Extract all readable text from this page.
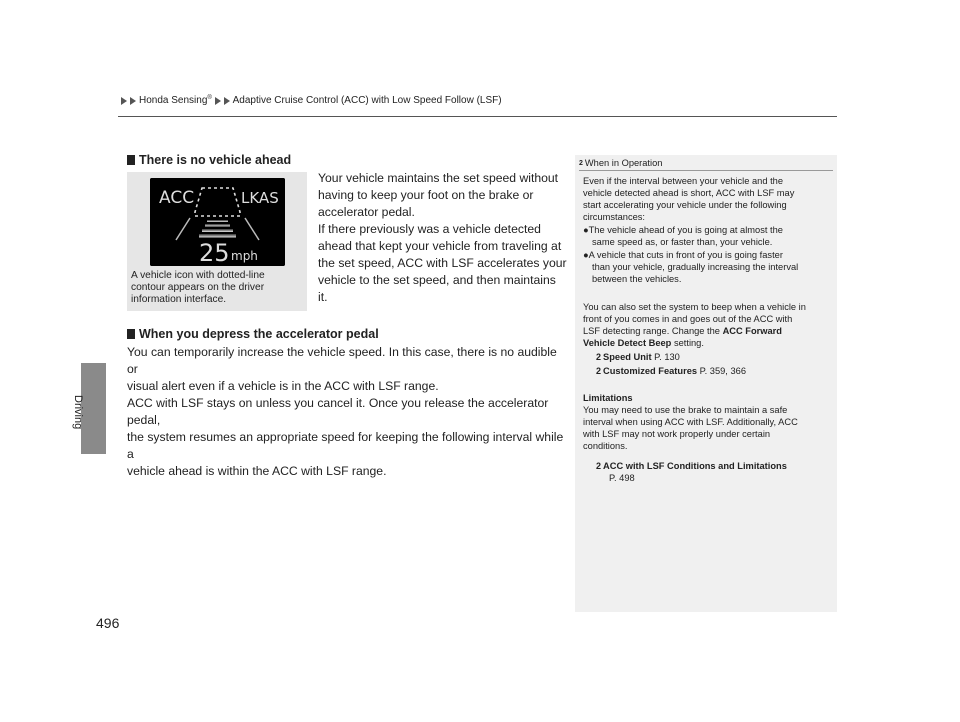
Honda Sensing® Adaptive Cruise Control (ACC) with Low Speed Follow (LSF)
Driving
There is no vehicle ahead
Your vehicle maintains the set speed without
having to keep your foot on the brake or
accelerator pedal.
If there previously was a vehicle detected
ahead that kept your vehicle from traveling at
the set speed, ACC with LSF accelerates your
vehicle to the set speed, and then maintains it.
ACC	LKAS
25 mph
A vehicle icon with dotted-line
contour appears on the driver
information interface.
When you depress the accelerator pedal
You can temporarily increase the vehicle speed. In this case, there is no audible or
visual alert even if a vehicle is in the ACC with LSF range.
ACC with LSF stays on unless you cancel it. Once you release the accelerator pedal,
the system resumes an appropriate speed for keeping the following interval while a
vehicle ahead is within the ACC with LSF range.
2 When in Operation
Even if the interval between your vehicle and the
vehicle detected ahead is short, ACC with LSF may
start accelerating your vehicle under the following
circumstances:
●The vehicle ahead of you is going at almost the
same speed as, or faster than, your vehicle.
●A vehicle that cuts in front of you is going faster
than your vehicle, gradually increasing the interval
between the vehicles.
You can also set the system to beep when a vehicle in
front of you comes in and goes out of the ACC with
LSF detecting range. Change the ACC Forward
Vehicle Detect Beep setting.
2 Speed Unit P. 130
2 Customized Features P. 359, 366
Limitations
You may need to use the brake to maintain a safe
interval when using ACC with LSF. Additionally, ACC
with LSF may not work properly under certain
conditions.
2 ACC with LSF Conditions and Limitations
P. 498
496
